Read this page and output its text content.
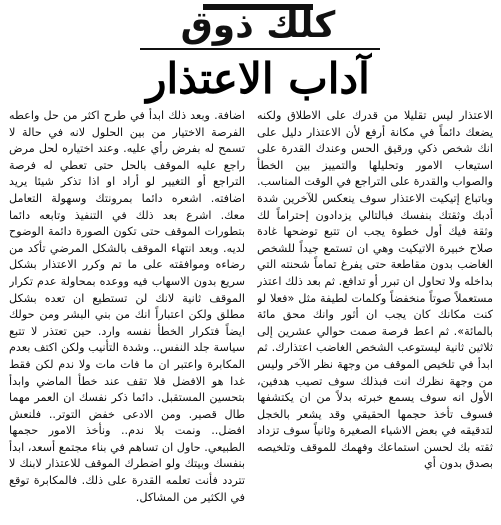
كلك ذوق
آداب الاعتذار

الاعتذار ليس تقليلا من قدرك على الاطلاق ولكنه يضعك دائماً في مكانة أرفع لأن الاعتذار دليل على انك شخص ذكي ورقيق الحس وعندك القدرة على استيعاب الامور وتحليلها والتمييز بين الخطأ والصواب والقدرة على التراجع في الوقت المناسب. وباتباع إتيكيت الاعتذار سوف ينعكس للآخرين شدة أدبك وثقتك بنفسك فبالتالي يزدادون إحتراماً لك وثقة فيك أول خطوة يجب ان تتبع توضحها غادة صلاح خبيرة الاتيكيت وهي ان تستمع جيداً للشخص الغاضب بدون مقاطعة حتى يفرغ تماماً شحنته التي بداخله ولا تحاول ان تبرر أو تدافع. ثم بعد ذلك اعتذر مستعملاً صوتاً منخفضاً وكلمات لطيفة مثل «فعلا لو كنت مكانك كان يجب ان أثور وانك محق مائة بالمائة». ثم اعط فرصة صمت حوالي عشرين إلى ثلاثين ثانية ليستوعب الشخص الغاضب اعتذارك. ثم ابدأ في تلخيص الموقف من وجهة نظر الآخر وليس من وجهة نظرك انت فبذلك سوف تصيب هدفين، الأول انه سوف يسمع خبرته بدلاً من ان يكتشفها فسوف تأخذ حجمها الحقيقي وقد يشعر بالخجل لتدقيقه في بعض الاشياء الصغيرة وثانياً سوف تزداد ثقته بك لحسن استماعك وفهمك للموقف وتلخيصه بصدق بدون أي

اضافة. وبعد ذلك ابدأ في طرح اكثر من حل واعطه الفرصة الاختيار من بين الحلول لانه في حالة لا تسمح له بفرض رأي عليه. وعند اختياره لحل مرض راجع عليه الموقف بالحل حتى تعطي له فرصة التراجع أو التغيير لو أراد او اذا تذكر شيئا يريد اضافته. اشعره دائما بمرونتك وسهولة التعامل معك. اشرع بعد ذلك في التنفيذ وتابعه دائما بتطورات الموقف حتى تكون الصورة دائمة الوضوح لديه. وبعد انتهاء الموقف بالشكل المرضي تأكد من رضاءه وموافقته على ما تم وكرر الاعتذار بشكل سريع بدون الاسهاب فيه ووعده بمحاولة عدم تكرار الموقف ثانية لانك لن تستطيع ان تعده بشكل مطلق ولكن اعتباراً انك من بني البشر ومن حولك ايضاً فتكرار الخطأ نفسه وارد. حين تعتذر لا تتبع سياسة جلد النفس.. وشدة التأنيب ولكن اكتف بعدم المكابرة واعتبر ان ما فات مات ولا ندم لكن فقط غدا هو الافضل فلا تقف عند خطأ الماضي وابدأ بتحسين المستقبل. دائما ذكر نفسك ان العمر مهما طال قصير. ومن الادعى خفض التوتر.. فلنعش افضل.. ونمت بلا ندم.. ونأخذ الامور حجمها الطبيعي. حاول ان تساهم في بناء مجتمع أسعد، ابدأ بنفسك وبيتك ولو اضطرك الموقف للاعتذار لابنك لا تتردد فأنت تعلمه القدرة على ذلك. فالمكابرة توقع في الكثير من المشاكل.
